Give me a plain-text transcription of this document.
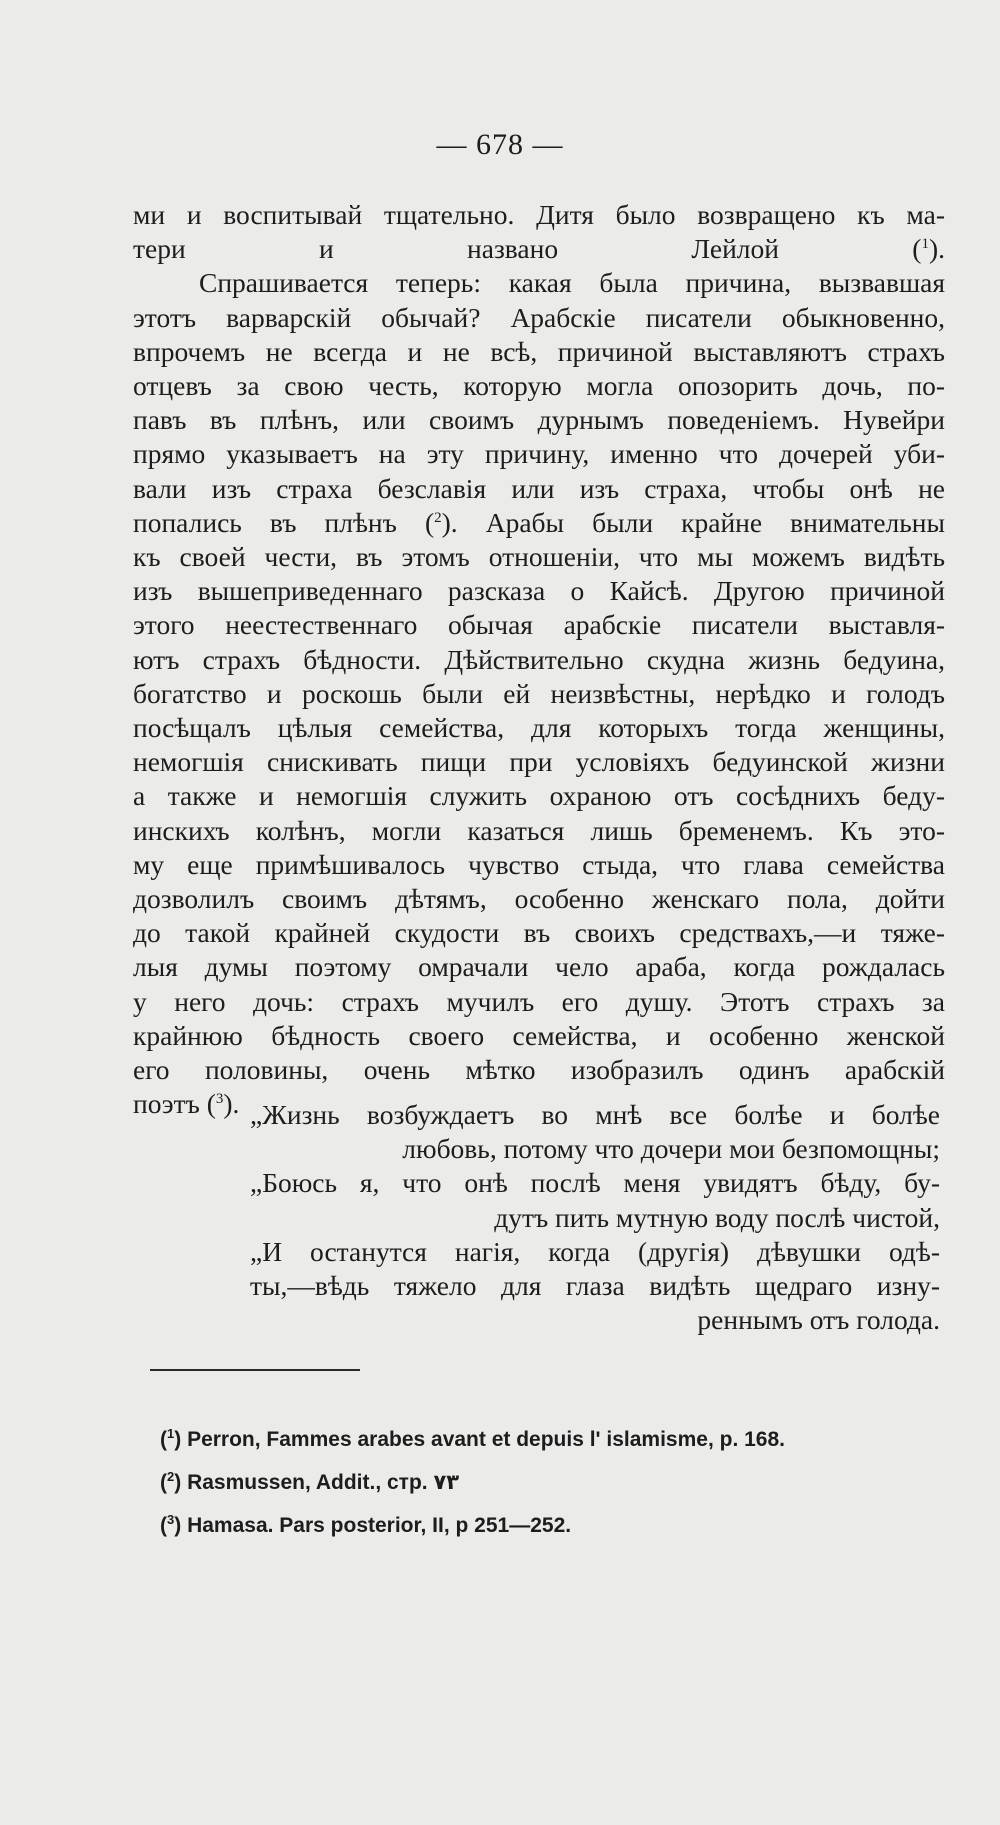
— 678 —
ми и воспитывай тщательно. Дитя было возвращено къ ма-
тери и названо Лейлой ($^1$).
Спрашивается теперь: какая была причина, вызвавшая
этотъ варварскій обычай? Арабскіе писатели обыкновенно,
впрочемъ не всегда и не всѣ, причиной выставляютъ страхъ
отцевъ за свою честь, которую могла опозорить дочь, по-
павъ въ плѣнъ, или своимъ дурнымъ поведеніемъ. Нувейри
прямо указываетъ на эту причину, именно что дочерей уби-
вали изъ страха безславія или изъ страха, чтобы онѣ не
попались въ плѣнъ ($^2$). Арабы были крайне внимательны
къ своей чести, въ этомъ отношеніи, что мы можемъ видѣть
изъ вышеприведеннаго разсказа о Кайсѣ. Другою причиной
этого неестественнаго обычая арабскіе писатели выставля-
ютъ страхъ бѣдности. Дѣйствительно скудна жизнь бедуина,
богатство и роскошь были ей неизвѣстны, нерѣдко и голодъ
посѣщалъ цѣлыя семейства, для которыхъ тогда женщины,
немогшія снискивать пищи при условіяхъ бедуинской жизни
а также и немогшія служить охраною отъ сосѣднихъ беду-
инскихъ колѣнъ, могли казаться лишь бременемъ. Къ это-
му еще примѣшивалось чувство стыда, что глава семейства
дозволилъ своимъ дѣтямъ, особенно женскаго пола, дойти
до такой крайней скудости въ своихъ средствахъ,—и тяже-
лыя думы поэтому омрачали чело араба, когда рождалась
у него дочь: страхъ мучилъ его душу. Этотъ страхъ за
крайнюю бѣдность своего семейства, и особенно женской
его половины, очень мѣтко изобразилъ одинъ арабскій
поэтъ ($^3$). „Жизнь возбуждаетъ во мнѣ все болѣе и болѣе
любовь, потому что дочери мои безпомощны;
„Боюсь я, что онѣ послѣ меня увидятъ бѣду, бу-
дутъ пить мутную воду послѣ чистой,
„И останутся нагія, когда (другія) дѣвушки одѣ-
ты,—вѣдь тяжело для глаза видѣть щедраго изну-
реннымъ отъ голода.
($^1$) Perron, Fammes arabes avant et depuis l' islamisme, p. 168.
($^2$) Rasmussen, Addit., стр. ٧٣
($^3$) Hamasa. Pars posterior, II, p 251—252.
